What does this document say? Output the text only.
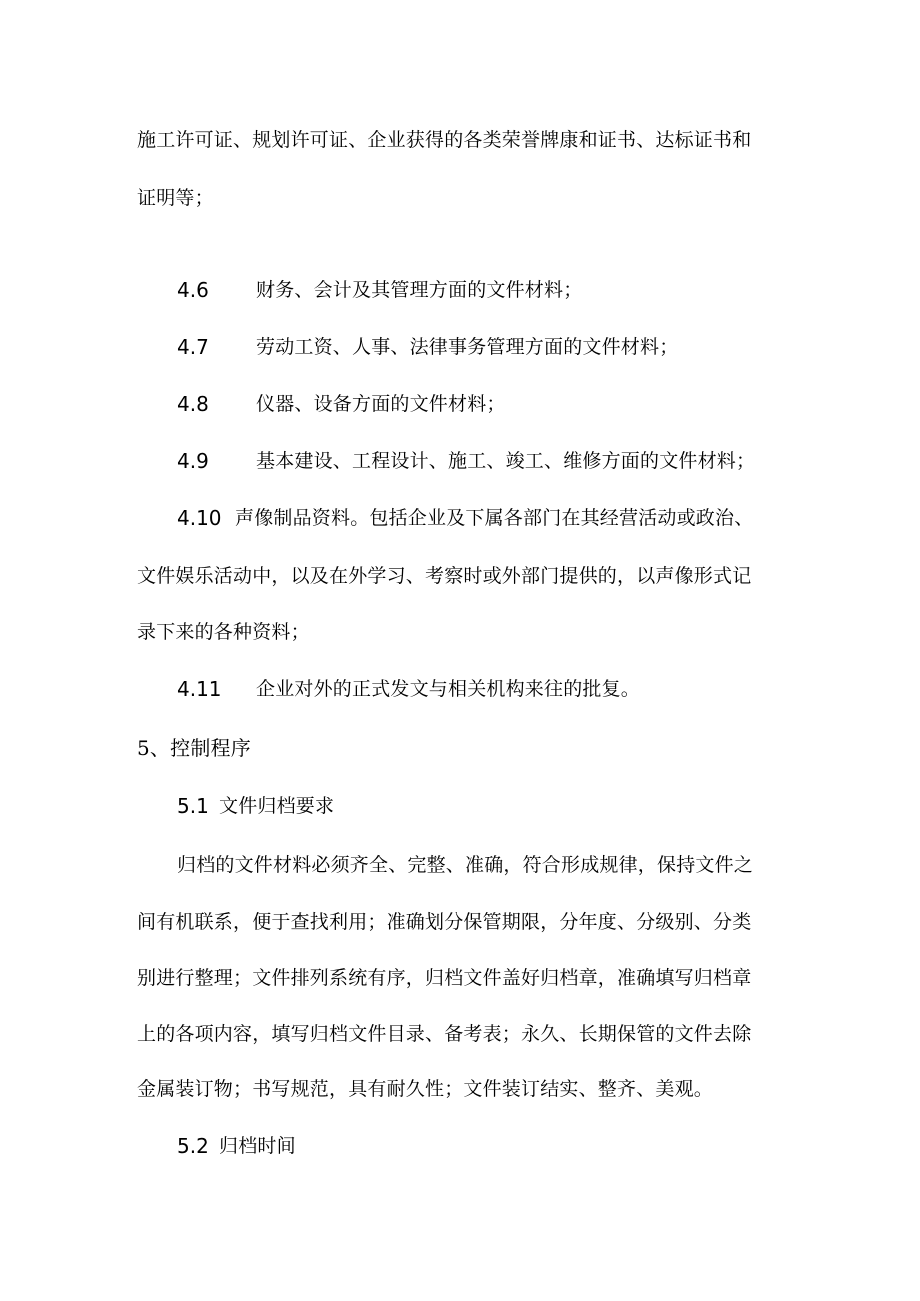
施工许可证、规划许可证、企业获得的各类荣誉牌康和证书、达标证书和
证明等；
4.6 财务、会计及其管理方面的文件材料；
4.7 劳动工资、人事、法律事务管理方面的文件材料；
4.8 仪器、设备方面的文件材料；
4.9 基本建设、工程设计、施工、竣工、维修方面的文件材料；
4.10 声像制品资料。包括企业及下属各部门在其经营活动或政治、
文件娱乐活动中，以及在外学习、考察时或外部门提供的，以声像形式记
录下来的各种资料；
4.11 企业对外的正式发文与相关机构来往的批复。
5、控制程序
5.1 文件归档要求
归档的文件材料必须齐全、完整、准确，符合形成规律，保持文件之
间有机联系，便于查找利用；准确划分保管期限，分年度、分级别、分类
别进行整理；文件排列系统有序，归档文件盖好归档章，准确填写归档章
上的各项内容，填写归档文件目录、备考表；永久、长期保管的文件去除
金属装订物；书写规范，具有耐久性；文件装订结实、整齐、美观。
5.2 归档时间
